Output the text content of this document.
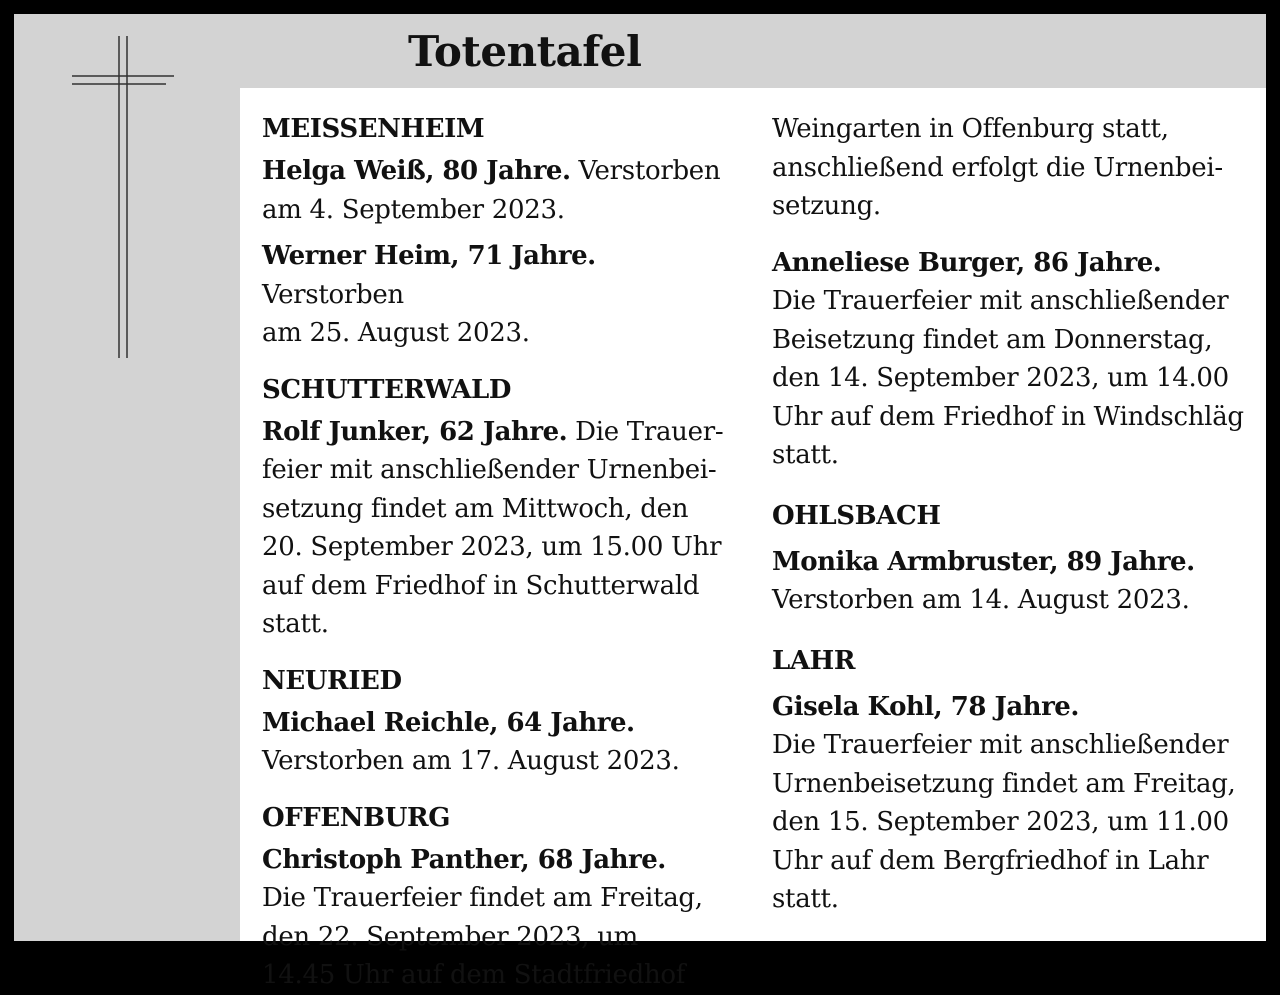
Totentafel
MEISSENHEIM

Helga Weiß, 80 Jahre. Verstorben

am 4. September 2023.

Werner Heim, 71 Jahre. Verstorben

am 25. August 2023.

SCHUTTERWALD

Rolf Junker, 62 Jahre. Die Trauer-

feier mit anschließender Urnenbei-

setzung findet am Mittwoch, den

20. September 2023, um 15.00 Uhr

auf dem Friedhof in Schutterwald statt.

NEURIED

Michael Reichle, 64 Jahre.

Verstorben am 17. August 2023.

OFFENBURG

Christoph Panther, 68 Jahre.

Die Trauerfeier findet am Freitag,

den 22. September 2023, um

14.45 Uhr auf dem Stadtfriedhof

Weingarten in Offenburg statt,

anschließend erfolgt die Urnenbei-

setzung.

Anneliese Burger, 86 Jahre.

Die Trauerfeier mit anschließender

Beisetzung findet am Donnerstag,

den 14. September 2023, um 14.00

Uhr auf dem Friedhof in Windschläg

statt.

OHLSBACH

Monika Armbruster, 89 Jahre.

Verstorben am 14. August 2023.

LAHR

Gisela Kohl, 78 Jahre.

Die Trauerfeier mit anschließender

Urnenbeisetzung findet am Freitag,

den 15. September 2023, um 11.00

Uhr auf dem Bergfriedhof in Lahr

statt.
